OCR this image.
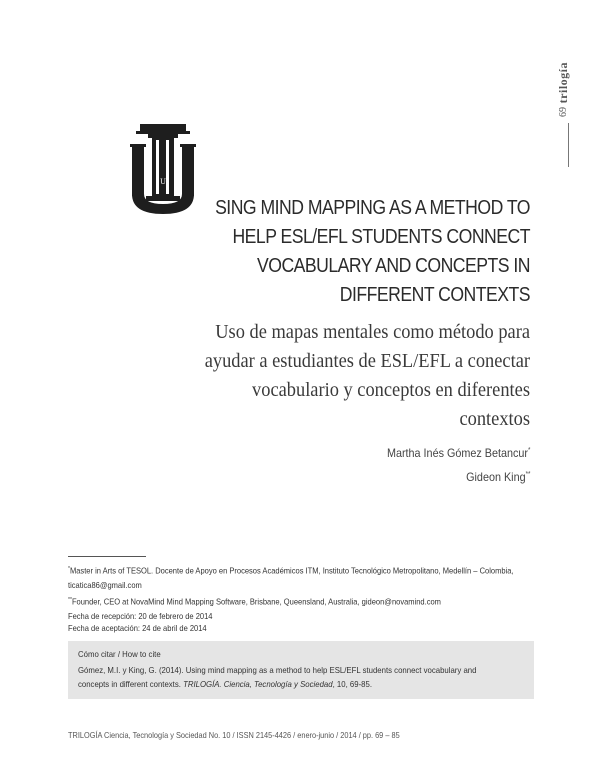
trilogía
69
U
SING MIND MAPPING AS A METHOD TO
HELP ESL/EFL STUDENTS CONNECT
VOCABULARY AND CONCEPTS IN
DIFFERENT CONTEXTS
Uso de mapas mentales como método para
ayudar a estudiantes de ESL/EFL a conectar
vocabulario y conceptos en diferentes
contextos
Martha Inés Gómez Betancur*
Gideon King**

*Master in Arts of TESOL. Docente de Apoyo en Procesos Académicos ITM, Instituto Tecnológico Metropolitano, Medellín – Colombia,

ticatica86@gmail.com

**Founder, CEO at NovaMind Mind Mapping Software, Brisbane, Queensland, Australia, gideon@novamind.com

Fecha de recepción: 20 de febrero de 2014

Fecha de aceptación: 24 de abril de 2014

Cómo citar / How to cite

Gómez, M.I. y King, G. (2014). Using mind mapping as a method to help ESL/EFL students connect vocabulary and

concepts in different contexts. TRILOGÍA. Ciencia, Tecnología y Sociedad, 10, 69-85.

TRILOGÍA Ciencia, Tecnología y Sociedad No. 10 / ISSN 2145-4426 / enero-junio / 2014 / pp. 69 – 85
